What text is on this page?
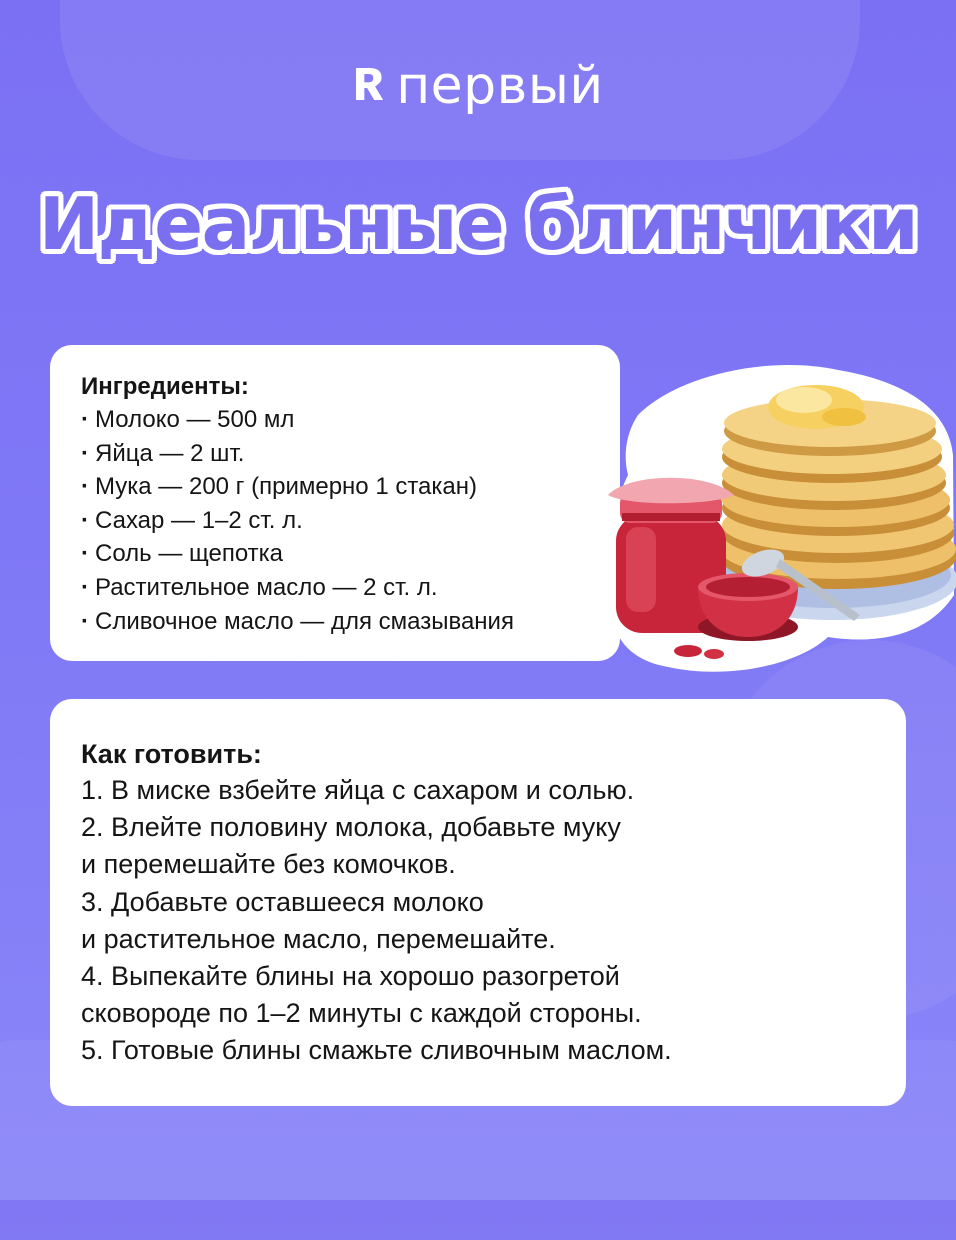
Я первый
Идеальные блинчики

Ингредиенты:

· Молоко — 500 мл
· Яйца — 2 шт.
· Мука — 200 г (примерно 1 стакан)
· Сахар — 1–2 ст. л.
· Соль — щепотка
· Растительное масло — 2 ст. л.
· Сливочное масло — для смазывания

Как готовить:

1. В миске взбейте яйца с сахаром и солью.
2. Влейте половину молока, добавьте муку
и перемешайте без комочков.
3. Добавьте оставшееся молоко
и растительное масло, перемешайте.
4. Выпекайте блины на хорошо разогретой
сковороде по 1–2 минуты с каждой стороны.
5. Готовые блины смажьте сливочным маслом.
